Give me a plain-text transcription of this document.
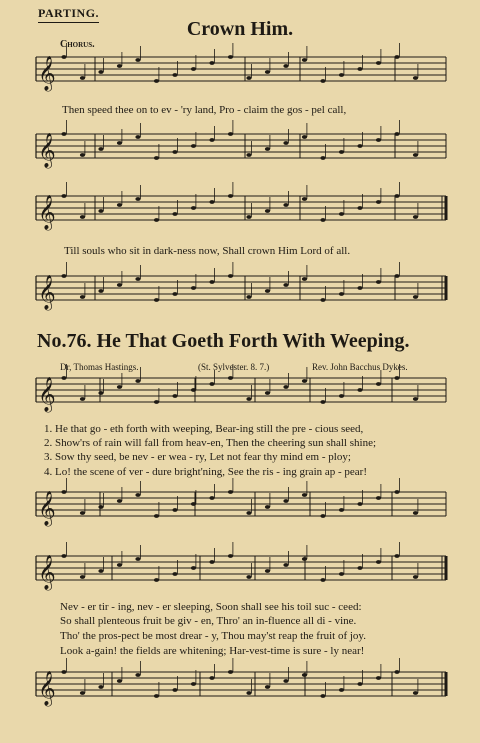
PARTING.
Crown Him.
Chorus.
𝄞
𝄞
𝄞
𝄞
𝄞
𝄞
𝄞
𝄞
Then speed thee on to ev - 'ry land, Pro - claim the gos - pel call,
Till souls who sit in dark-ness now, Shall crown Him Lord of all.
No.76. He That Goeth Forth With Weeping.
Dr, Thomas Hastings.	(St. Sylvester. 8. 7.)	Rev. John Bacchus Dykes.
1. He that go - eth forth with weeping, Bear-ing still the pre - cious seed,
2. Show'rs of rain will fall from heav-en, Then the cheering sun shall shine;
3. Sow thy seed, be nev - er wea - ry, Let not fear thy mind em - ploy;
4. Lo! the scene of ver - dure bright'ning, See the ris - ing grain ap - pear!
Nev - er tir - ing, nev - er sleeping, Soon shall see his toil suc - ceed:
So shall plenteous fruit be giv - en, Thro' an in-fluence all di - vine.
Tho' the pros-pect be most drear - y, Thou may'st reap the fruit of joy.
Look a-gain! the fields are whitening; Har-vest-time is sure - ly near!
